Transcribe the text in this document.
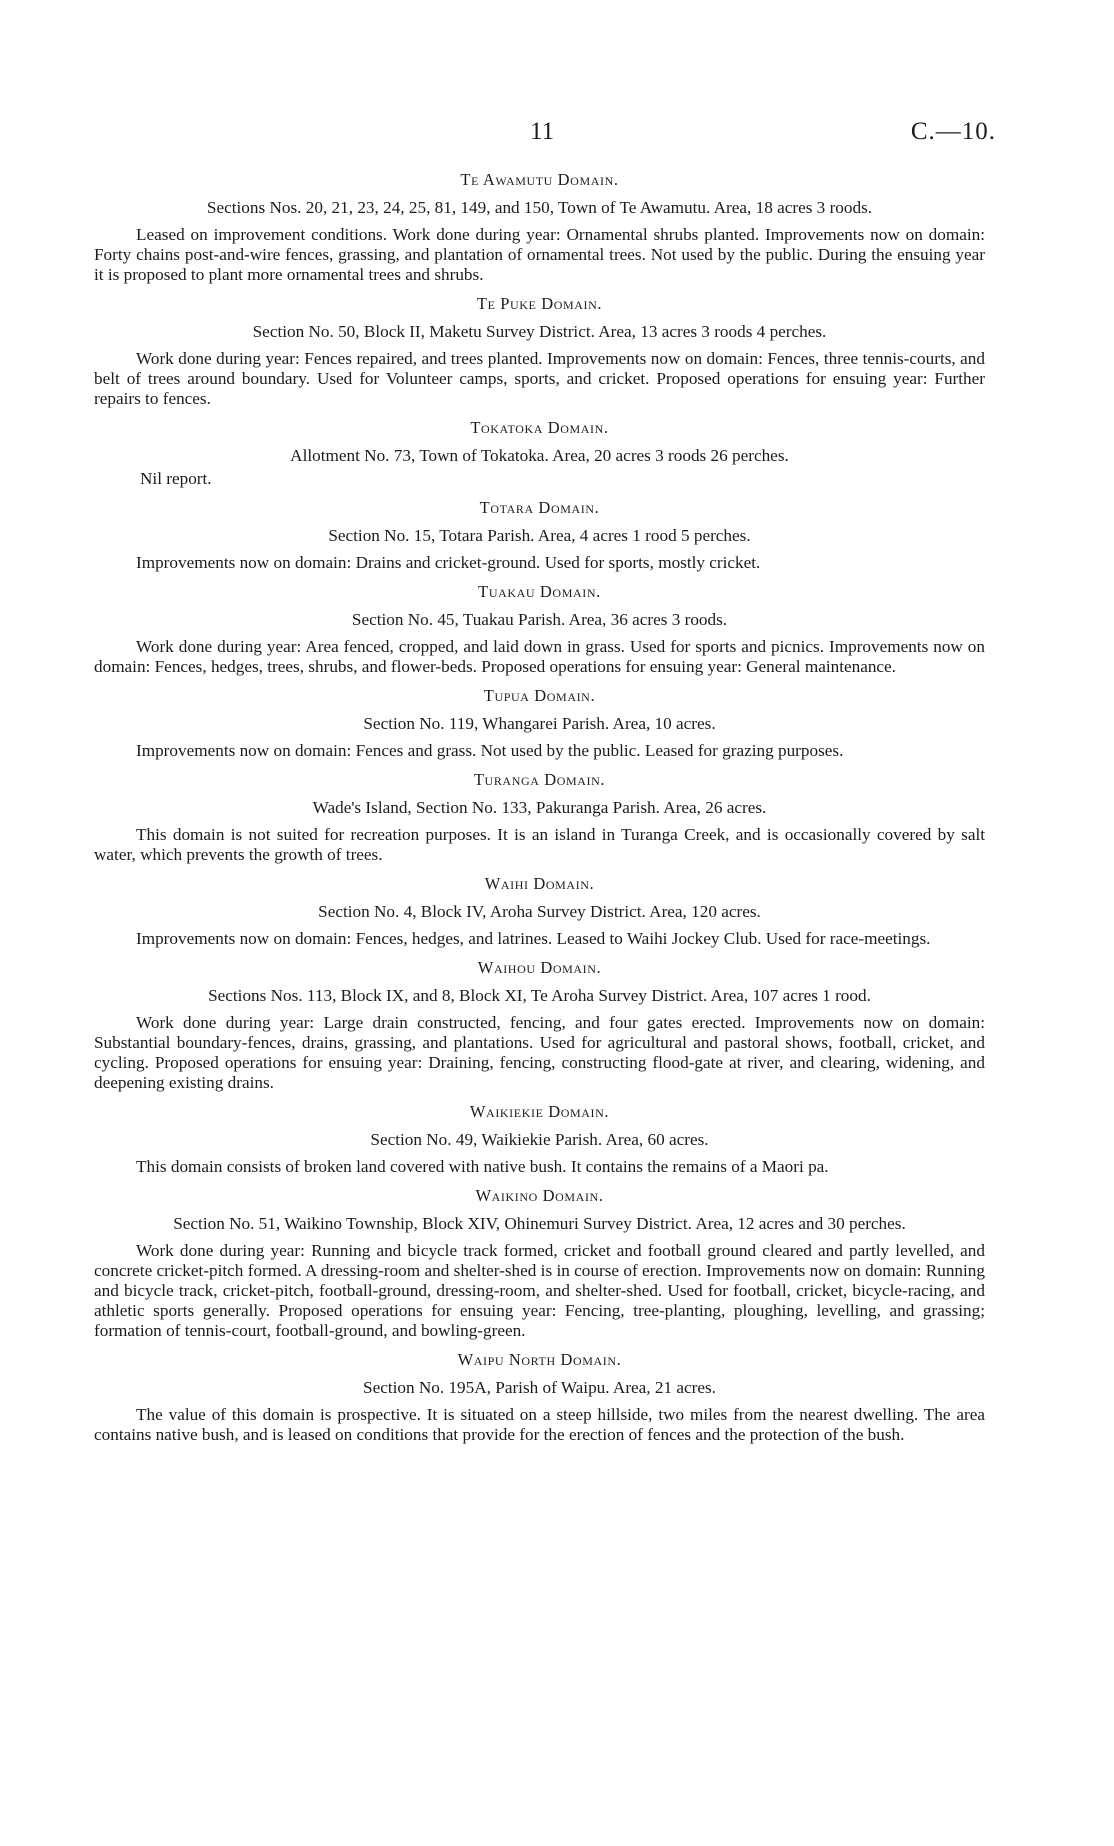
11	C.—10.

Te Awamutu Domain.

Sections Nos. 20, 21, 23, 24, 25, 81, 149, and 150, Town of Te Awamutu. Area, 18 acres 3 roods.

Leased on improvement conditions. Work done during year: Ornamental shrubs planted. Improvements now on domain: Forty chains post-and-wire fences, grassing, and plantation of ornamental trees. Not used by the public. During the ensuing year it is proposed to plant more ornamental trees and shrubs.

Te Puke Domain.

Section No. 50, Block II, Maketu Survey District. Area, 13 acres 3 roods 4 perches.

Work done during year: Fences repaired, and trees planted. Improvements now on domain: Fences, three tennis-courts, and belt of trees around boundary. Used for Volunteer camps, sports, and cricket. Proposed operations for ensuing year: Further repairs to fences.

Tokatoka Domain.

Allotment No. 73, Town of Tokatoka. Area, 20 acres 3 roods 26 perches.

Nil report.

Totara Domain.

Section No. 15, Totara Parish. Area, 4 acres 1 rood 5 perches.

Improvements now on domain: Drains and cricket-ground. Used for sports, mostly cricket.

Tuakau Domain.

Section No. 45, Tuakau Parish. Area, 36 acres 3 roods.

Work done during year: Area fenced, cropped, and laid down in grass. Used for sports and picnics. Improvements now on domain: Fences, hedges, trees, shrubs, and flower-beds. Proposed operations for ensuing year: General maintenance.

Tupua Domain.

Section No. 119, Whangarei Parish. Area, 10 acres.

Improvements now on domain: Fences and grass. Not used by the public. Leased for grazing purposes.

Turanga Domain.

Wade's Island, Section No. 133, Pakuranga Parish. Area, 26 acres.

This domain is not suited for recreation purposes. It is an island in Turanga Creek, and is occasionally covered by salt water, which prevents the growth of trees.

Waihi Domain.

Section No. 4, Block IV, Aroha Survey District. Area, 120 acres.

Improvements now on domain: Fences, hedges, and latrines. Leased to Waihi Jockey Club. Used for race-meetings.

Waihou Domain.

Sections Nos. 113, Block IX, and 8, Block XI, Te Aroha Survey District. Area, 107 acres 1 rood.

Work done during year: Large drain constructed, fencing, and four gates erected. Improvements now on domain: Substantial boundary-fences, drains, grassing, and plantations. Used for agricultural and pastoral shows, football, cricket, and cycling. Proposed operations for ensuing year: Draining, fencing, constructing flood-gate at river, and clearing, widening, and deepening existing drains.

Waikiekie Domain.

Section No. 49, Waikiekie Parish. Area, 60 acres.

This domain consists of broken land covered with native bush. It contains the remains of a Maori pa.

Waikino Domain.

Section No. 51, Waikino Township, Block XIV, Ohinemuri Survey District. Area, 12 acres and 30 perches.

Work done during year: Running and bicycle track formed, cricket and football ground cleared and partly levelled, and concrete cricket-pitch formed. A dressing-room and shelter-shed is in course of erection. Improvements now on domain: Running and bicycle track, cricket-pitch, football-ground, dressing-room, and shelter-shed. Used for football, cricket, bicycle-racing, and athletic sports generally. Proposed operations for ensuing year: Fencing, tree-planting, ploughing, levelling, and grassing; formation of tennis-court, football-ground, and bowling-green.

Waipu North Domain.

Section No. 195A, Parish of Waipu. Area, 21 acres.

The value of this domain is prospective. It is situated on a steep hillside, two miles from the nearest dwelling. The area contains native bush, and is leased on conditions that provide for the erection of fences and the protection of the bush.
